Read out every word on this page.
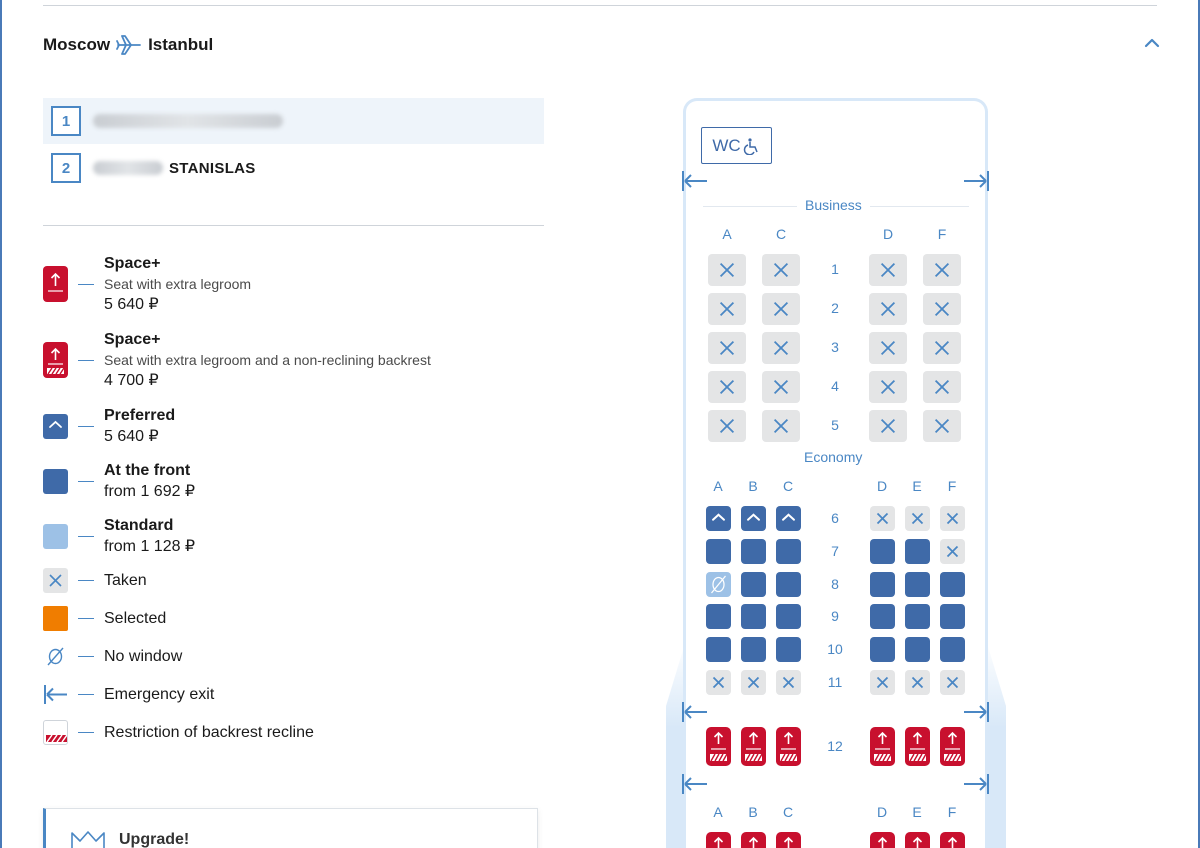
Moscow Istanbul
1
2	STANISLAS
Space+
Seat with extra legroom
5 640 ₽
Space+
Seat with extra legroom and a non-reclining backrest
4 700 ₽
Preferred
5 640 ₽
At the front
from 1 692 ₽
Standard
from 1 128 ₽
Taken
Selected
No window
Emergency exit
Restriction of backrest recline
Upgrade!
WC
Business
Economy
A	C	D	F
1
2
3
4
5
A	B	C	D	E	F
A	B	C	D	E	F
6
7
8
9
10
11
12
